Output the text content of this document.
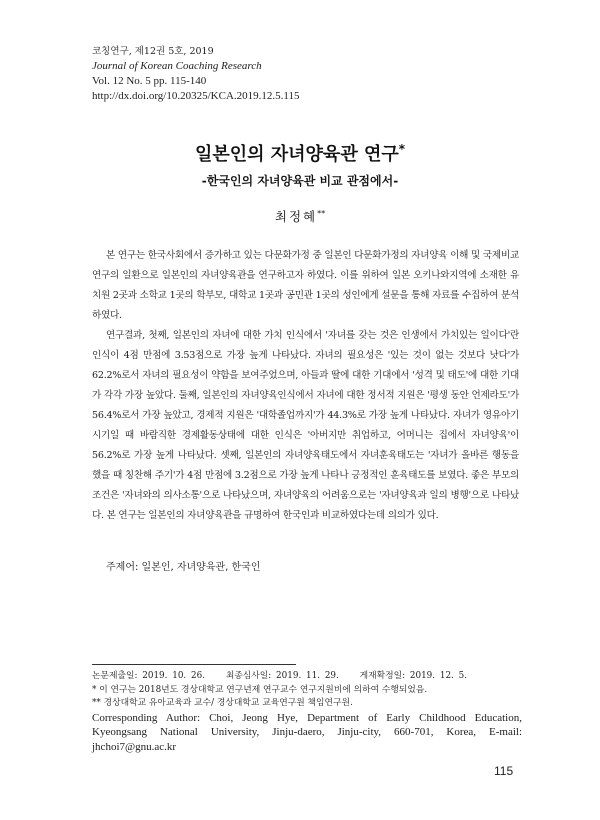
코칭연구, 제12권 5호, 2019
Journal of Korean Coaching Research
Vol. 12 No. 5 pp. 115-140
http://dx.doi.org/10.20325/KCA.2019.12.5.115
일본인의 자녀양육관 연구*
-한국인의 자녀양육관 비교 관점에서-
최정혜**

본 연구는 한국사회에서 증가하고 있는 다문화가정 중 일본인 다문화가정의 자녀양육 이해 및 국제비교 연구의 일환으로 일본인의 자녀양육관을 연구하고자 하였다. 이를 위하여 일본 오키나와지역에 소재한 유치원 2곳과 소학교 1곳의 학부모, 대학교 1곳과 공민관 1곳의 성인에게 설문을 통해 자료를 수집하여 분석하였다.

연구결과, 첫째, 일본인의 자녀에 대한 가치 인식에서 '자녀를 갖는 것은 인생에서 가치있는 일이다'란 인식이 4점 만점에 3.53점으로 가장 높게 나타났다. 자녀의 필요성은 '있는 것이 없는 것보다 낫다'가 62.2%로서 자녀의 필요성이 약함을 보여주었으며, 아들과 딸에 대한 기대에서 '성격 및 태도'에 대한 기대가 각각 가장 높았다. 둘째, 일본인의 자녀양육인식에서 자녀에 대한 정서적 지원은 '평생 동안 언제라도'가 56.4%로서 가장 높았고, 경제적 지원은 '대학졸업까지'가 44.3%로 가장 높게 나타났다. 자녀가 영유아기 시기일 때 바람직한 경제활동상태에 대한 인식은 '아버지만 취업하고, 어머니는 집에서 자녀양육'이 56.2%로 가장 높게 나타났다. 셋째, 일본인의 자녀양육태도에서 자녀훈육태도는 '자녀가 올바른 행동을 했을 때 칭찬해 주기'가 4점 만점에 3.2점으로 가장 높게 나타나 긍정적인 훈육태도를 보였다. 좋은 부모의 조건은 '자녀와의 의사소통'으로 나타났으며, 자녀양육의 어려움으로는 '자녀양육과 일의 병행'으로 나타났다. 본 연구는 일본인의 자녀양육관을 규명하여 한국인과 비교하였다는데 의의가 있다.

주제어: 일본인, 자녀양육관, 한국인
논문제출일: 2019. 10. 26. 최종심사일: 2019. 11. 29. 게재확정일: 2019. 12. 5.
* 이 연구는 2018년도 경상대학교 연구년제 연구교수 연구지원비에 의하여 수행되었음.
** 경상대학교 유아교육과 교수/ 경상대학교 교육연구원 책임연구원.
Corresponding Author: Choi, Jeong Hye, Department of Early Childhood Education, Kyeongsang National University, Jinju-daero, Jinju-city, 660-701, Korea, E-mail: jhchoi7@gnu.ac.kr
115
